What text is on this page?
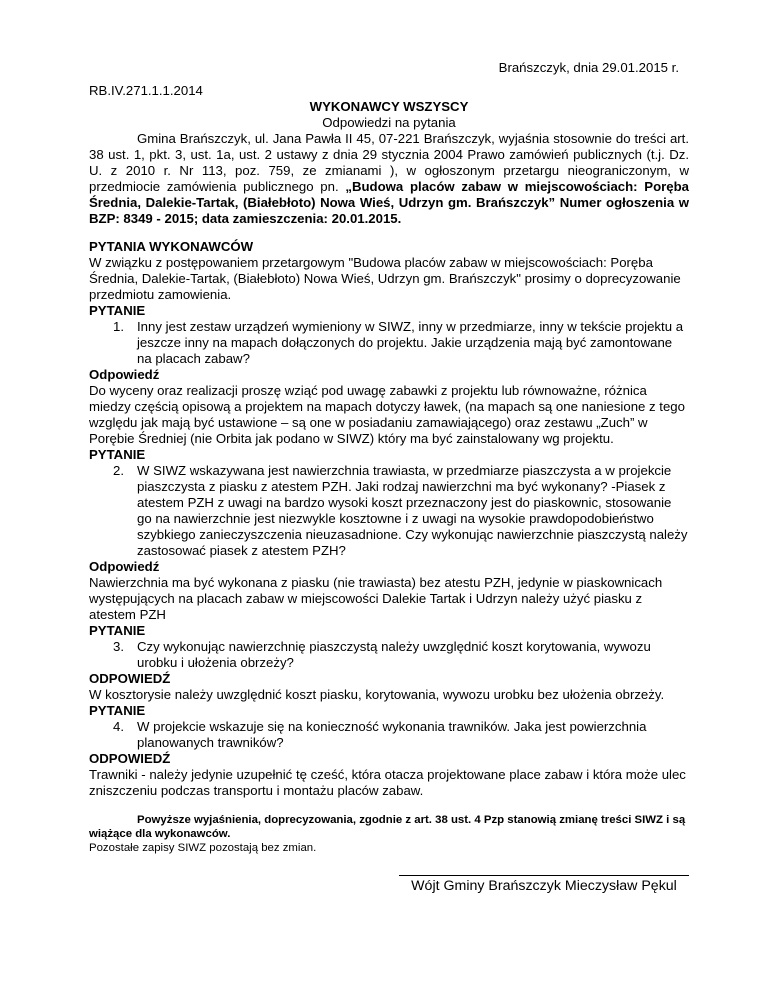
Brańszczyk, dnia 29.01.2015 r.

RB.IV.271.1.1.2014

WYKONAWCY WSZYSCY

Odpowiedzi na pytania

Gmina Brańszczyk, ul. Jana Pawła II 45, 07-221 Brańszczyk, wyjaśnia stosownie do treści art. 38 ust. 1, pkt. 3, ust. 1a, ust. 2 ustawy z dnia 29 stycznia 2004 Prawo zamówień publicznych (t.j. Dz. U. z 2010 r. Nr 113, poz. 759, ze zmianami ), w ogłoszonym przetargu nieograniczonym, w przedmiocie zamówienia publicznego pn. „Budowa placów zabaw w miejscowościach: Poręba Średnia, Dalekie-Tartak, (Białebłoto) Nowa Wieś, Udrzyn gm. Brańszczyk” Numer ogłoszenia w BZP: 8349 - 2015; data zamieszczenia: 20.01.2015.

PYTANIA WYKONAWCÓW

W związku z postępowaniem przetargowym "Budowa placów zabaw w miejscowościach: Poręba Średnia, Dalekie-Tartak, (Białebłoto) Nowa Wieś, Udrzyn gm. Brańszczyk" prosimy o doprecyzowanie przedmiotu zamowienia.

PYTANIE

1. Inny jest zestaw urządzeń wymieniony w SIWZ, inny w przedmiarze, inny w tekście projektu a jeszcze inny na mapach dołączonych do projektu. Jakie urządzenia mają być zamontowane na placach zabaw?

Odpowiedź

Do wyceny oraz realizacji proszę wziąć pod uwagę zabawki z projektu lub równoważne, różnica miedzy częścią opisową a projektem na mapach dotyczy ławek, (na mapach są one naniesione z tego względu jak mają być ustawione – są one w posiadaniu zamawiającego) oraz zestawu „Zuch” w Porębie Średniej (nie Orbita jak podano w SIWZ) który ma być zainstalowany wg projektu.

PYTANIE

2. W SIWZ wskazywana jest nawierzchnia trawiasta, w przedmiarze piaszczysta a w projekcie piaszczysta z piasku z atestem PZH. Jaki rodzaj nawierzchni ma być wykonany? -Piasek z atestem PZH z uwagi na bardzo wysoki koszt przeznaczony jest do piaskownic, stosowanie go na nawierzchnie jest niezwykle kosztowne i z uwagi na wysokie prawdopodobieństwo szybkiego zanieczyszczenia nieuzasadnione. Czy wykonując nawierzchnie piaszczystą należy zastosować piasek z atestem PZH?

Odpowiedź

Nawierzchnia ma być wykonana z piasku (nie trawiasta) bez atestu PZH, jedynie w piaskownicach występujących na placach zabaw w miejscowości Dalekie Tartak i Udrzyn należy użyć piasku z atestem PZH

PYTANIE

3. Czy wykonując nawierzchnię piaszczystą należy uwzględnić koszt korytowania, wywozu urobku i ułożenia obrzeży?

ODPOWIEDŹ

W kosztorysie należy uwzględnić koszt piasku, korytowania, wywozu urobku bez ułożenia obrzeży.

PYTANIE

4. W projekcie wskazuje się na konieczność wykonania trawników. Jaka jest powierzchnia planowanych trawników?

ODPOWIEDŹ

Trawniki - należy jedynie uzupełnić tę cześć, która otacza projektowane place zabaw i która może ulec zniszczeniu podczas transportu i montażu placów zabaw.

Powyższe wyjaśnienia, doprecyzowania, zgodnie z art. 38 ust. 4 Pzp stanowią zmianę treści SIWZ i są wiążące dla wykonawców.

Pozostałe zapisy SIWZ pozostają bez zmian.

Wójt Gminy Brańszczyk Mieczysław Pękul
